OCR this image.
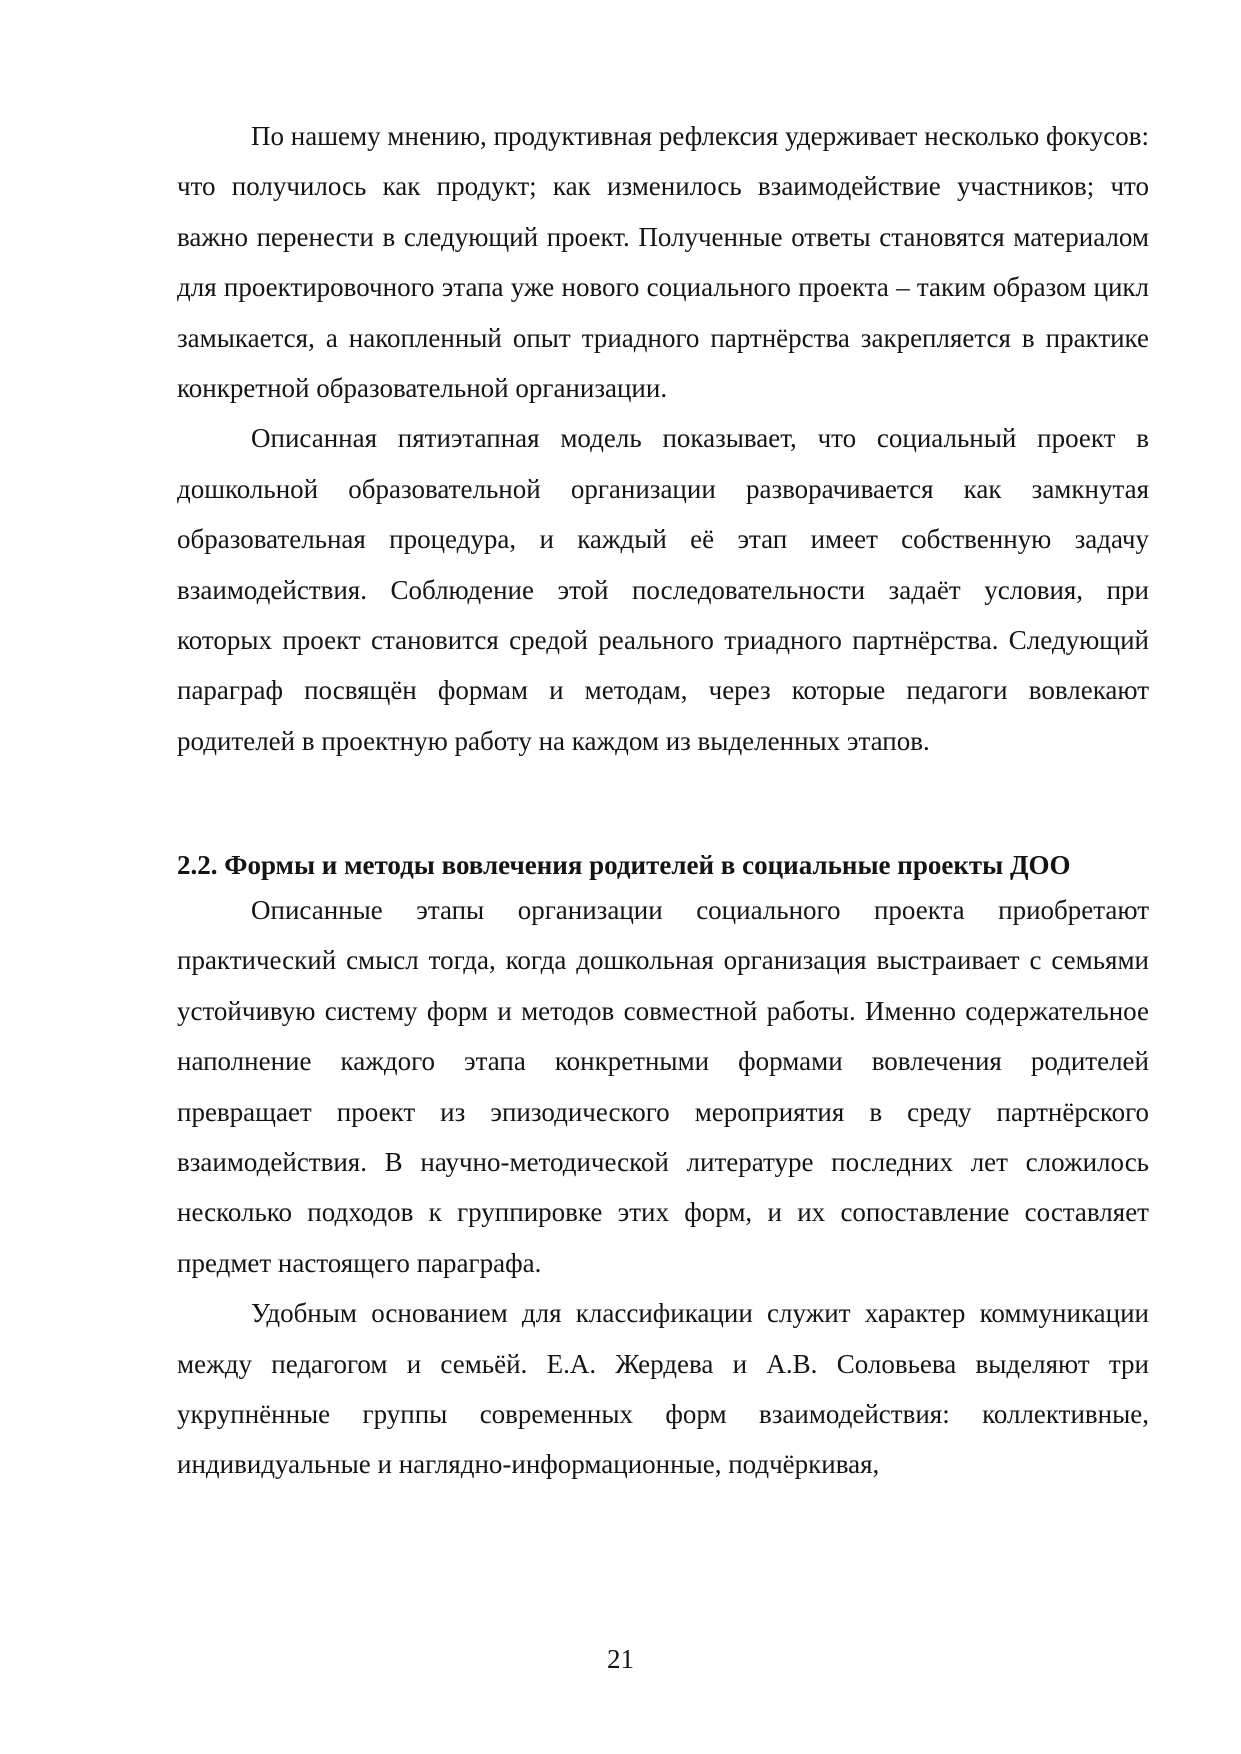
По нашему мнению, продуктивная рефлексия удерживает несколько фокусов: что получилось как продукт; как изменилось взаимодействие участников; что важно перенести в следующий проект. Полученные ответы становятся материалом для проектировочного этапа уже нового социального проекта – таким образом цикл замыкается, а накопленный опыт триадного партнёрства закрепляется в практике конкретной образовательной организации.

Описанная пятиэтапная модель показывает, что социальный проект в дошкольной образовательной организации разворачивается как замкнутая образовательная процедура, и каждый её этап имеет собственную задачу взаимодействия. Соблюдение этой последовательности задаёт условия, при которых проект становится средой реального триадного партнёрства. Следующий параграф посвящён формам и методам, через которые педагоги вовлекают родителей в проектную работу на каждом из выделенных этапов.

2.2. Формы и методы вовлечения родителей в социальные проекты ДОО

Описанные этапы организации социального проекта приобретают практический смысл тогда, когда дошкольная организация выстраивает с семьями устойчивую систему форм и методов совместной работы. Именно содержательное наполнение каждого этапа конкретными формами вовлечения родителей превращает проект из эпизодического мероприятия в среду партнёрского взаимодействия. В научно-методической литературе последних лет сложилось несколько подходов к группировке этих форм, и их сопоставление составляет предмет настоящего параграфа.

Удобным основанием для классификации служит характер коммуникации между педагогом и семьёй. Е.А. Жердева и А.В. Соловьева выделяют три укрупнённые группы современных форм взаимодействия: коллективные, индивидуальные и наглядно-информационные, подчёркивая,

21
